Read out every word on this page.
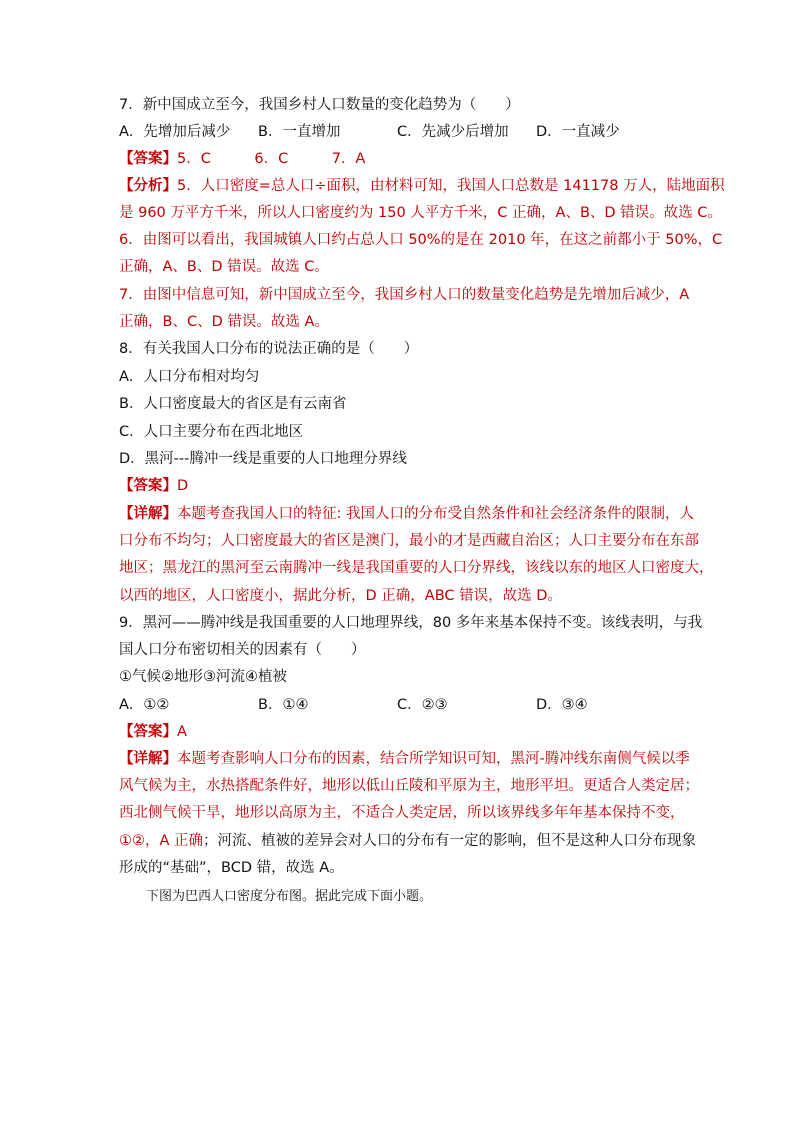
7．新中国成立至今，我国乡村人口数量的变化趋势为（　　）
A．先增加后减少 B．一直增加	C．先减少后增加 D．一直减少
【答案】5．C　　　6．C　　　7．A
【分析】5．人口密度=总人口÷面积，由材料可知，我国人口总数是 141178 万人，陆地面积
是 960 万平方千米，所以人口密度约为 150 人平方千米，C 正确，A、B、D 错误。故选 C。
6．由图可以看出，我国城镇人口约占总人口 50%的是在 2010 年，在这之前都小于 50%，C
正确，A、B、D 错误。故选 C。
7．由图中信息可知，新中国成立至今，我国乡村人口的数量变化趋势是先增加后减少，A
正确，B、C、D 错误。故选 A。
8．有关我国人口分布的说法正确的是（　　）
A．人口分布相对均匀
B．人口密度最大的省区是有云南省
C．人口主要分布在西北地区
D．黑河---腾冲一线是重要的人口地理分界线
【答案】D
【详解】本题考查我国人口的特征: 我国人口的分布受自然条件和社会经济条件的限制，人
口分布不均匀；人口密度最大的省区是澳门，最小的才是西藏自治区；人口主要分布在东部
地区；黑龙江的黑河至云南腾冲一线是我国重要的人口分界线，该线以东的地区人口密度大，
以西的地区，人口密度小，据此分析，D 正确，ABC 错误，故选 D。
9．黑河——腾冲线是我国重要的人口地理界线，80 多年来基本保持不变。该线表明，与我
国人口分布密切相关的因素有（　　）
①气候②地形③河流④植被
A．①②	B．①④	C．②③	D．③④
【答案】A
【详解】本题考查影响人口分布的因素，结合所学知识可知，黑河-腾冲线东南侧气候以季
风气候为主，水热搭配条件好，地形以低山丘陵和平原为主，地形平坦。更适合人类定居；
西北侧气候干旱，地形以高原为主，不适合人类定居，所以该界线多年年基本保持不变，
①②，A 正确；河流、植被的差异会对人口的分布有一定的影响，但不是这种人口分布现象
形成的“基础”，BCD 错，故选 A。
下图为巴西人口密度分布图。据此完成下面小题。
